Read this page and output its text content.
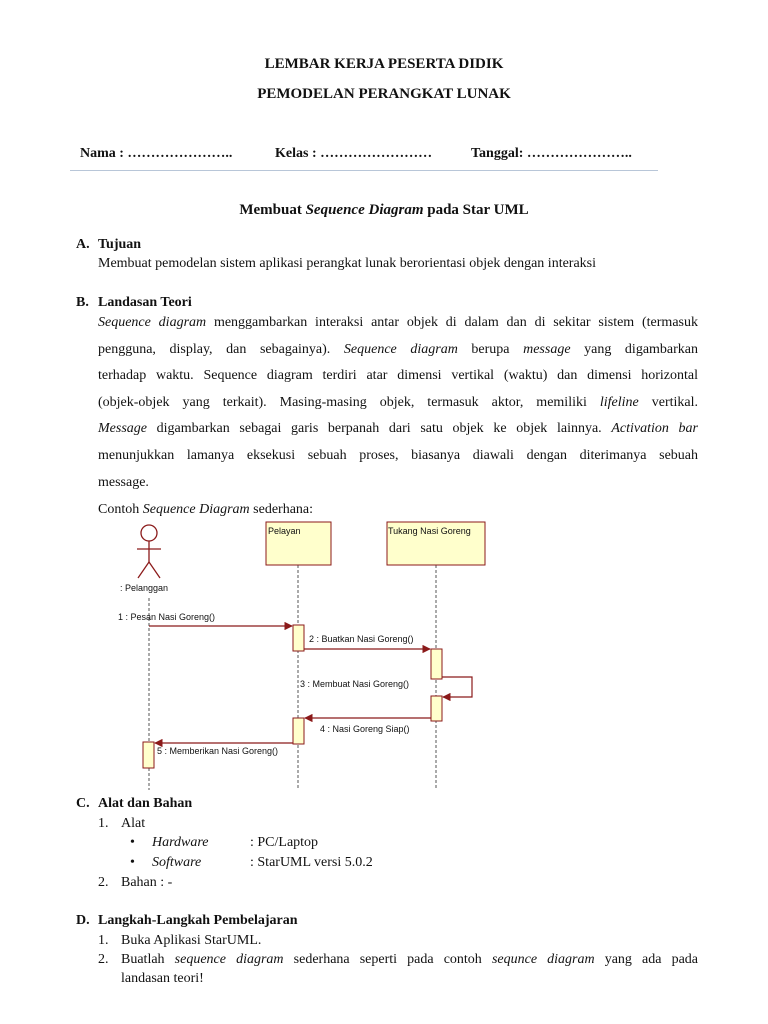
LEMBAR KERJA PESERTA DIDIK
PEMODELAN PERANGKAT LUNAK
Nama : …………………..	Kelas : ……………………	Tanggal: …………………..
Membuat Sequence Diagram pada Star UML
A. Tujuan
Membuat pemodelan sistem aplikasi perangkat lunak berorientasi objek dengan interaksi
B. Landasan Teori
Sequence diagram menggambarkan interaksi antar objek di dalam dan di sekitar sistem (termasuk
pengguna, display, dan sebagainya). Sequence diagram berupa message yang digambarkan
terhadap waktu. Sequence diagram terdiri atar dimensi vertikal (waktu) dan dimensi horizontal
(objek-objek yang terkait). Masing-masing objek, termasuk aktor, memiliki lifeline vertikal.
Message digambarkan sebagai garis berpanah dari satu objek ke objek lainnya. Activation bar
menunjukkan lamanya eksekusi sebuah proses, biasanya diawali dengan diterimanya sebuah
message.
Contoh Sequence Diagram sederhana:
: Pelanggan
Pelayan	Tukang Nasi Goreng
1 : Pesan Nasi Goreng()
2 : Buatkan Nasi Goreng()
3 : Membuat Nasi Goreng()
4 : Nasi Goreng Siap()
5 : Memberikan Nasi Goreng()
C. Alat dan Bahan
1. Alat
• Hardware	: PC/Laptop
• Software	: StarUML versi 5.0.2
2. Bahan : -
D. Langkah-Langkah Pembelajaran
1. Buka Aplikasi StarUML.
2. Buatlah sequence diagram sederhana seperti pada contoh sequnce diagram yang ada pada
landasan teori!
